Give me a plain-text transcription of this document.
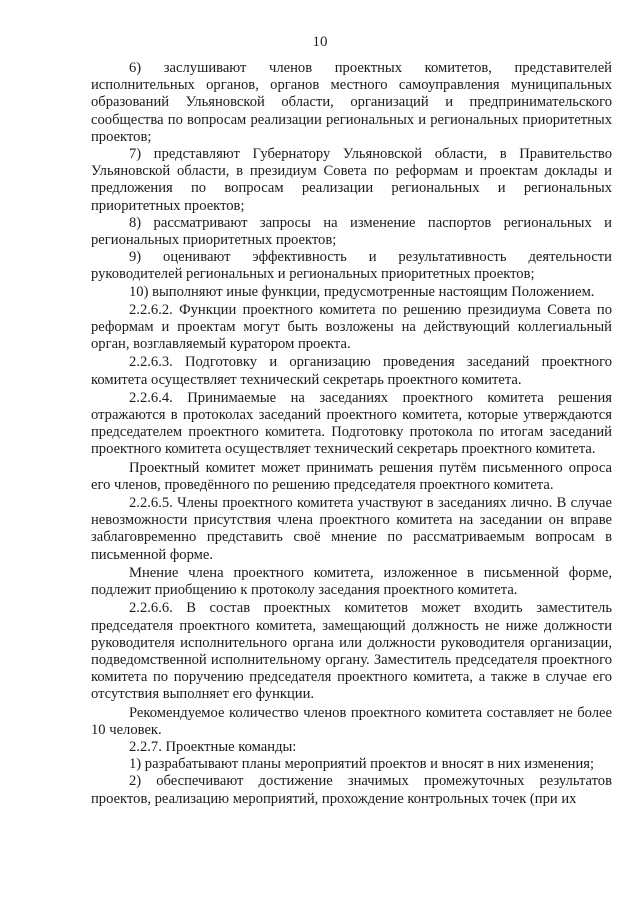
10

6) заслушивают членов проектных комитетов, представителей исполнительных органов, органов местного самоуправления муниципальных образований Ульяновской области, организаций и предпринимательского сообщества по вопросам реализации региональных и региональных приоритетных проектов;

7) представляют Губернатору Ульяновской области, в Правительство Ульяновской области, в президиум Совета по реформам и проектам доклады и предложения по вопросам реализации региональных и региональных приоритетных проектов;

8) рассматривают запросы на изменение паспортов региональных и региональных приоритетных проектов;

9) оценивают эффективность и результативность деятельности руководителей региональных и региональных приоритетных проектов;

10) выполняют иные функции, предусмотренные настоящим Положением.

2.2.6.2. Функции проектного комитета по решению президиума Совета по реформам и проектам могут быть возложены на действующий коллегиальный орган, возглавляемый куратором проекта.

2.2.6.3. Подготовку и организацию проведения заседаний проектного комитета осуществляет технический секретарь проектного комитета.

2.2.6.4. Принимаемые на заседаниях проектного комитета решения отражаются в протоколах заседаний проектного комитета, которые утверждаются председателем проектного комитета. Подготовку протокола по итогам заседаний проектного комитета осуществляет технический секретарь проектного комитета.

Проектный комитет может принимать решения путём письменного опроса его членов, проведённого по решению председателя проектного комитета.

2.2.6.5. Члены проектного комитета участвуют в заседаниях лично. В случае невозможности присутствия члена проектного комитета на заседании он вправе заблаговременно представить своё мнение по рассматриваемым вопросам в письменной форме.

Мнение члена проектного комитета, изложенное в письменной форме, подлежит приобщению к протоколу заседания проектного комитета.

2.2.6.6. В состав проектных комитетов может входить заместитель председателя проектного комитета, замещающий должность не ниже должности руководителя исполнительного органа или должности руководителя организации, подведомственной исполнительному органу. Заместитель председателя проектного комитета по поручению председателя проектного комитета, а также в случае его отсутствия выполняет его функции.

Рекомендуемое количество членов проектного комитета составляет не более 10 человек.

2.2.7. Проектные команды:

1) разрабатывают планы мероприятий проектов и вносят в них изменения;

2) обеспечивают достижение значимых промежуточных результатов проектов, реализацию мероприятий, прохождение контрольных точек (при их
